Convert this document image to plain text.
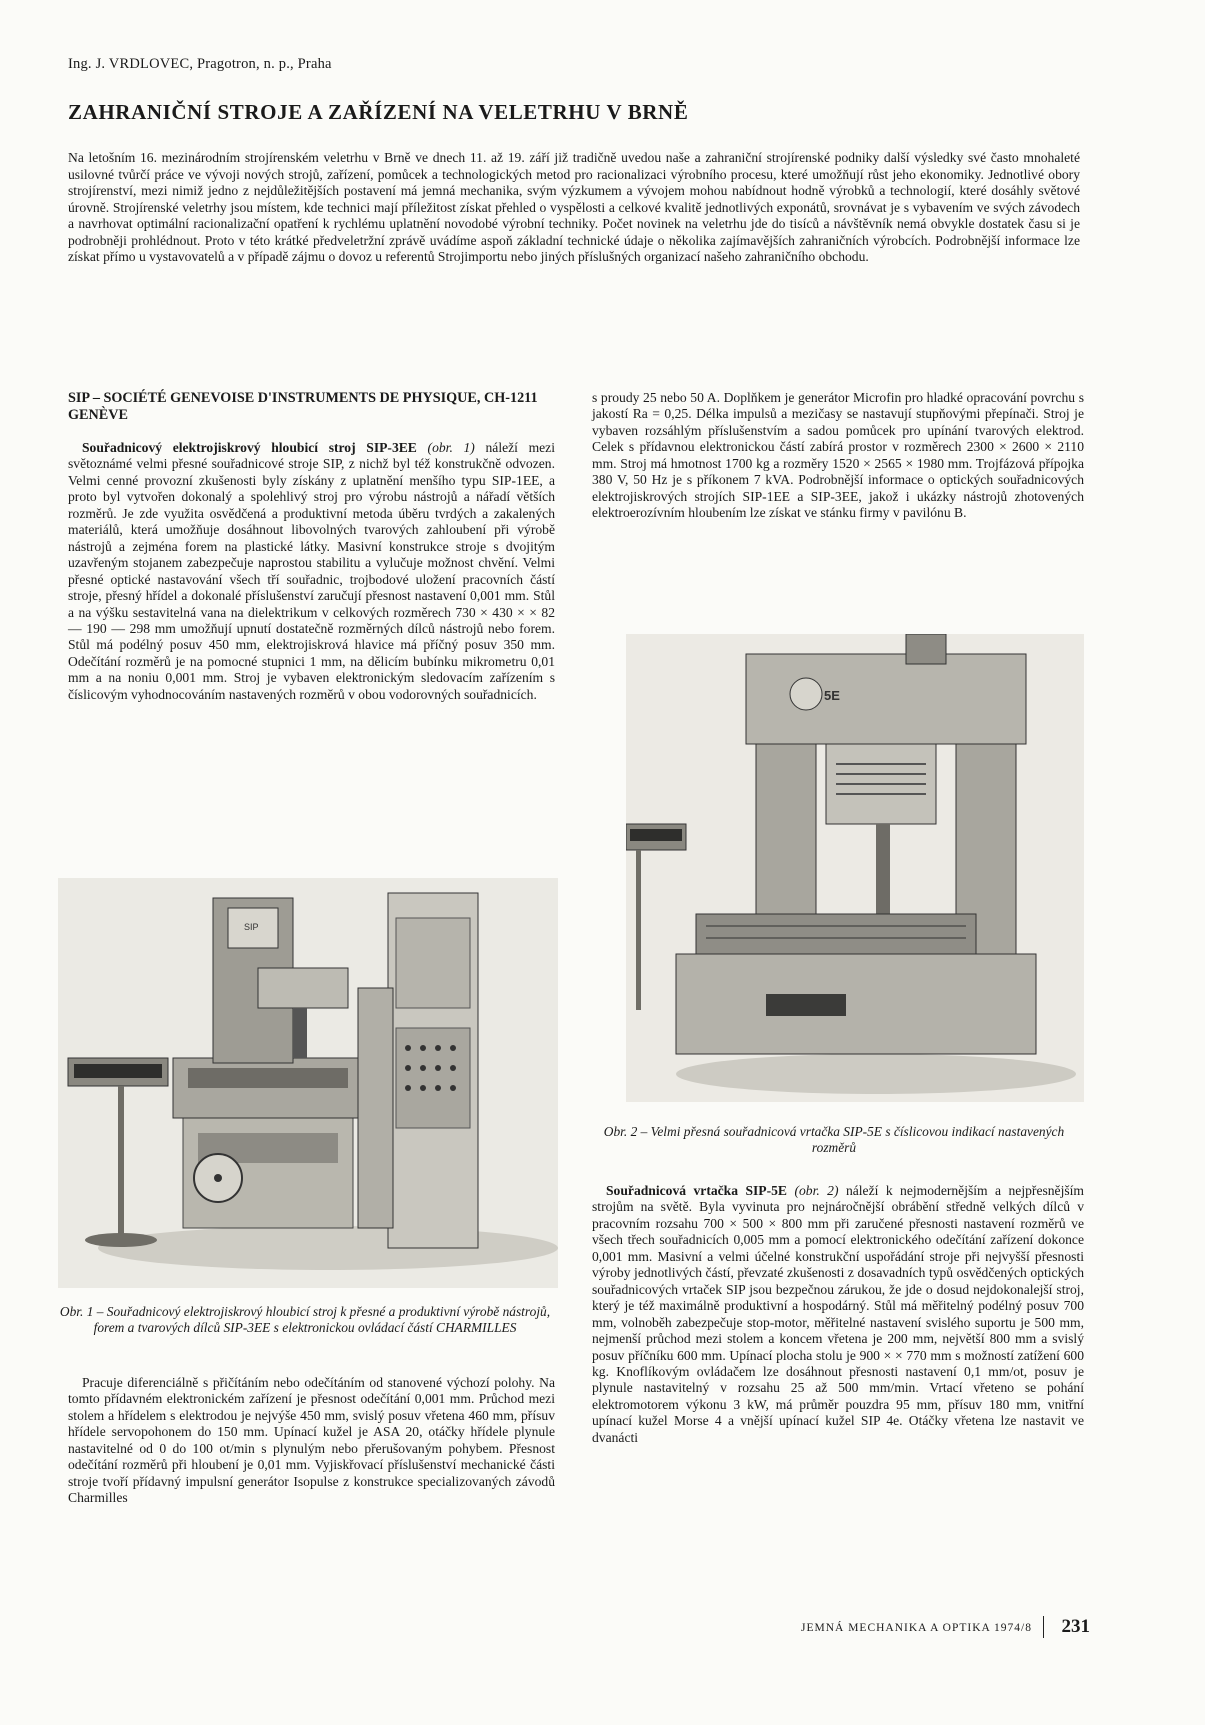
Ing. J. VRDLOVEC, Pragotron, n. p., Praha
ZAHRANIČNÍ STROJE A ZAŘÍZENÍ NA VELETRHU V BRNĚ
Na letošním 16. mezinárodním strojírenském veletrhu v Brně ve dnech 11. až 19. září již tradičně uvedou naše a zahraniční strojírenské podniky další výsledky své často mnohaleté usilovné tvůrčí práce ve vývoji nových strojů, zařízení, pomůcek a technologických metod pro racionalizaci výrobního procesu, které umožňují růst jeho ekonomiky. Jednotlivé obory strojírenství, mezi nimiž jedno z nejdůležitějších postavení má jemná mechanika, svým výzkumem a vývojem mohou nabídnout hodně výrobků a technologií, které dosáhly světové úrovně. Strojírenské veletrhy jsou místem, kde technici mají příležitost získat přehled o vyspělosti a celkové kvalitě jednotlivých exponátů, srovnávat je s vybavením ve svých závodech a navrhovat optimální racionalizační opatření k rychlému uplatnění novodobé výrobní techniky. Počet novinek na veletrhu jde do tisíců a návštěvník nemá obvykle dostatek času si je podrobněji prohlédnout. Proto v této krátké předveletržní zprávě uvádíme aspoň základní technické údaje o několika zajímavějších zahraničních výrobcích. Podrobnější informace lze získat přímo u vystavovatelů a v případě zájmu o dovoz u referentů Strojimportu nebo jiných příslušných organizací našeho zahraničního obchodu.

SIP – SOCIÉTÉ GENEVOISE D'INSTRUMENTS DE PHYSIQUE, CH-1211 GENÈVE

Souřadnicový elektrojiskrový hloubicí stroj SIP-3EE (obr. 1) náleží mezi světoznámé velmi přesné souřadnicové stroje SIP, z nichž byl též konstrukčně odvozen. Velmi cenné provozní zkušenosti byly získány z uplatnění menšího typu SIP-1EE, a proto byl vytvořen dokonalý a spolehlivý stroj pro výrobu nástrojů a nářadí větších rozměrů. Je zde využita osvědčená a produktivní metoda úběru tvrdých a zakalených materiálů, která umožňuje dosáhnout libovolných tvarových zahloubení při výrobě nástrojů a zejména forem na plastické látky. Masivní konstrukce stroje s dvojitým uzavřeným stojanem zabezpečuje naprostou stabilitu a vylučuje možnost chvění. Velmi přesné optické nastavování všech tří souřadnic, trojbodové uložení pracovních částí stroje, přesný hřídel a dokonalé příslušenství zaručují přesnost nastavení 0,001 mm. Stůl a na výšku sestavitelná vana na dielektrikum v celkových rozměrech 730 × 430 × × 82 — 190 — 298 mm umožňují upnutí dostatečně rozměrných dílců nástrojů nebo forem. Stůl má podélný posuv 450 mm, elektrojiskrová hlavice má příčný posuv 350 mm. Odečítání rozměrů je na pomocné stupnici 1 mm, na dělicím bubínku mikrometru 0,01 mm a na noniu 0,001 mm. Stroj je vybaven elektronickým sledovacím zařízením s číslicovým vyhodnocováním nastavených rozměrů v obou vodorovných souřadnicích.

SIP
Obr. 1 – Souřadnicový elektrojiskrový hloubicí stroj k přesné a produktivní výrobě nástrojů, forem a tvarových dílců SIP-3EE s elektronickou ovládací částí CHARMILLES

Pracuje diferenciálně s přičítáním nebo odečítáním od stanovené výchozí polohy. Na tomto přídavném elektronickém zařízení je přesnost odečítání 0,001 mm. Průchod mezi stolem a hřídelem s elektrodou je nejvýše 450 mm, svislý posuv vřetena 460 mm, přísuv hřídele servopohonem do 150 mm. Upínací kužel je ASA 20, otáčky hřídele plynule nastavitelné od 0 do 100 ot/min s plynulým nebo přerušovaným pohybem. Přesnost odečítání rozměrů při hloubení je 0,01 mm. Vyjiskřovací příslušenství mechanické části stroje tvoří přídavný impulsní generátor Isopulse z konstrukce specializovaných závodů Charmilles

s proudy 25 nebo 50 A. Doplňkem je generátor Microfin pro hladké opracování povrchu s jakostí Ra = 0,25. Délka impulsů a mezičasy se nastavují stupňovými přepínači. Stroj je vybaven rozsáhlým příslušenstvím a sadou pomůcek pro upínání tvarových elektrod. Celek s přídavnou elektronickou částí zabírá prostor v rozměrech 2300 × 2600 × 2110 mm. Stroj má hmotnost 1700 kg a rozměry 1520 × 2565 × 1980 mm. Trojfázová přípojka 380 V, 50 Hz je s příkonem 7 kVA. Podrobnější informace o optických souřadnicových elektrojiskrových strojích SIP-1EE a SIP-3EE, jakož i ukázky nástrojů zhotovených elektroerozívním hloubením lze získat ve stánku firmy v pavilónu B.

5E
Obr. 2 – Velmi přesná souřadnicová vrtačka SIP-5E s číslicovou indikací nastavených rozměrů

Souřadnicová vrtačka SIP-5E (obr. 2) náleží k nejmodernějším a nejpřesnějším strojům na světě. Byla vyvinuta pro nejnáročnější obrábění středně velkých dílců v pracovním rozsahu 700 × 500 × 800 mm při zaručené přesnosti nastavení rozměrů ve všech třech souřadnicích 0,005 mm a pomocí elektronického odečítání zařízení dokonce 0,001 mm. Masivní a velmi účelné konstrukční uspořádání stroje při nejvyšší přesnosti výroby jednotlivých částí, převzaté zkušenosti z dosavadních typů osvědčených optických souřadnicových vrtaček SIP jsou bezpečnou zárukou, že jde o dosud nejdokonalejší stroj, který je též maximálně produktivní a hospodárný. Stůl má měřitelný podélný posuv 700 mm, volnoběh zabezpečuje stop-motor, měřitelné nastavení svislého suportu je 500 mm, nejmenší průchod mezi stolem a koncem vřetena je 200 mm, největší 800 mm a svislý posuv příčníku 600 mm. Upínací plocha stolu je 900 × × 770 mm s možností zatížení 600 kg. Knoflíkovým ovládačem lze dosáhnout přesnosti nastavení 0,1 mm/ot, posuv je plynule nastavitelný v rozsahu 25 až 500 mm/min. Vrtací vřeteno se pohání elektromotorem výkonu 3 kW, má průměr pouzdra 95 mm, přísuv 180 mm, vnitřní upínací kužel Morse 4 a vnější upínací kužel SIP 4e. Otáčky vřetena lze nastavit ve dvanácti

JEMNÁ MECHANIKA A OPTIKA 1974/8 231
